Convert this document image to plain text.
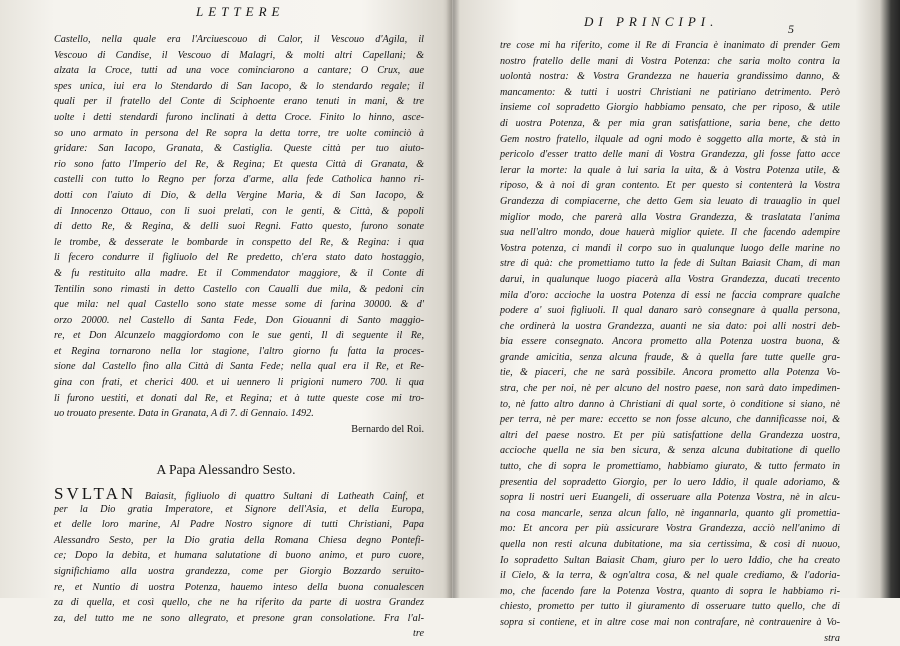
LETTERE
Castello, nella quale era l'Arciuescouo di Calor, il Vescouo d'Agila, il
Vescouo di Candise, il Vescouo di Malagri, & molti altri Capellani; &
alzata la Croce, tutti ad una voce cominciarono a cantare; O Crux, aue
spes unica, iui era lo Stendardo di San Iacopo, & lo stendardo regale; il
quali per il fratello del Conte di Sciphoente erano tenuti in mani, & tre
uolte i detti stendardi furono inclinati à detta Croce. Finito lo hinno, asce-
so uno armato in persona del Re sopra la detta torre, tre uolte cominciò à
gridare: San Iacopo, Granata, & Castiglia. Queste città per tuo aiuto-
rio sono fatto l'Imperio del Re, & Regina; Et questa Città di Granata, &
castelli con tutto lo Regno per forza d'arme, alla fede Catholica hanno ri-
dotti con l'aiuto di Dio, & della Vergine Maria, & di San Iacopo, &
di Innocenzo Ottauo, con li suoi prelati, con le genti, & Città, & popoli
di detto Re, & Regina, & delli suoi Regni. Fatto questo, furono sonate
le trombe, & desserate le bombarde in conspetto del Re, & Regina: i qua
li fecero condurre il figliuolo del Re predetto, ch'era stato dato hostaggio,
& fu restituito alla madre. Et il Commendator maggiore, & il Conte di
Tentilin sono rimasti in detto Castello con Caualli due mila, & pedoni cin
que mila: nel qual Castello sono state messe some di farina 30000. & d'
orzo 20000. nel Castello di Santa Fede, Don Giouanni di Santo maggio-
re, et Don Alcunzelo maggiordomo con le sue genti, Il dì seguente il Re,
et Regina tornarono nella lor stagione, l'altro giorno fu fatta la proces-
sione dal Castello fino alla Città di Santa Fede; nella qual era il Re, et Re-
gina con frati, et cherici 400. et ui uennero li prigioni numero 700. li qua
li furono uestiti, et donati dal Re, et Regina; et à tutte queste cose mi tro-
uo trouato presente. Data in Granata, A dì 7. di Gennaio. 1492.
Bernardo del Roi.
A Papa Alessandro Sesto.
SVLTAN Baiasit, figliuolo di quattro Sultani di Latheath Cainf, et
per la Dio gratia Imperatore, et Signore dell'Asia, et della Europa,
et delle loro marine, Al Padre Nostro signore di tutti Christiani, Papa
Alessandro Sesto, per la Dio gratia della Romana Chiesa degno Pontefi-
ce; Dopo la debita, et humana salutatione di buono animo, et puro cuore,
significhiamo alla uostra grandezza, come per Giorgio Bozzardo seruito-
re, et Nuntio di uostra Potenza, hauemo inteso della buona conualescen
za di quella, et così quello, che ne ha riferito da parte di uostra Grandez
za, del tutto me ne sono allegrato, et presone gran consolatione. Fra l'al-
tre
DI PRINCIPI.	5
tre cose mi ha riferito, come il Re di Francia è inanimato di prender Gem
nostro fratello delle mani di Vostra Potenza: che saria molto contra la
uolontà nostra: & Vostra Grandezza ne haueria grandissimo danno, &
mancamento: & tutti i uostri Christiani ne patiriano detrimento. Però
insieme col sopradetto Giorgio habbiamo pensato, che per riposo, & utile
di uostra Potenza, & per mia gran satisfattione, saria bene, che detto
Gem nostro fratello, ilquale ad ogni modo è soggetto alla morte, & stà in
pericolo d'esser tratto delle mani di Vostra Grandezza, gli fosse fatto acce
lerar la morte: la quale à lui saria la uita, & à Vostra Potenza utile, &
riposo, & à noi di gran contento. Et per questo si contenterà la Vostra
Grandezza di compiacerne, che detto Gem sia leuato di trauaglio in quel
miglior modo, che parerà alla Vostra Grandezza, & traslatata l'anima
sua nell'altro mondo, doue hauerà miglior quiete. Il che facendo adempire
Vostra potenza, ci mandi il corpo suo in qualunque luogo delle marine no
stre di quà: che promettiamo tutto la fede di Sultan Baiasit Cham, di man
darui, in qualunque luogo piacerà alla Vostra Grandezza, ducati trecento
mila d'oro: accioche la uostra Potenza di essi ne faccia comprare qualche
podere a' suoi figliuoli. Il qual danaro sarò consegnare à qualla persona,
che ordinerà la uostra Grandezza, auanti ne sia dato: poi alli nostri deb-
bia essere consegnato. Ancora prometto alla Potenza uostra buona, &
grande amicitia, senza alcuna fraude, & à quella fare tutte quelle gra-
tie, & piaceri, che ne sarà possibile. Ancora prometto alla Potenza Vo-
stra, che per noi, nè per alcuno del nostro paese, non sarà dato impedimen-
to, nè fatto altro danno à Christiani di qual sorte, ò conditione si siano, nè
per terra, nè per mare: eccetto se non fosse alcuno, che dannificasse noi, &
altri del paese nostro. Et per più satisfattione della Grandezza uostra,
accioche quella ne sia ben sicura, & senza alcuna dubitatione di quello
tutto, che di sopra le promettiamo, habbiamo giurato, & tutto fermato in
presentia del sopradetto Giorgio, per lo uero Iddio, il quale adoriamo, &
sopra li nostri ueri Euangeli, di osseruare alla Potenza Vostra, nè in alcu-
na cosa mancarle, senza alcun fallo, nè ingannarla, quanto gli promettia-
mo: Et ancora per più assicurare Vostra Grandezza, acciò nell'animo di
quella non resti alcuna dubitatione, ma sia certissima, & così di nuouo,
Io sopradetto Sultan Baiasit Cham, giuro per lo uero Iddio, che ha creato
il Cielo, & la terra, & ogn'altra cosa, & nel quale crediamo, & l'adoria-
mo, che facendo fare la Potenza Vostra, quanto di sopra le habbiamo ri-
chiesto, prometto per tutto il giuramento di osseruare tutto quello, che di
sopra si contiene, et in altre cose mai non contrafare, nè contrauenire à Vo-
stra
